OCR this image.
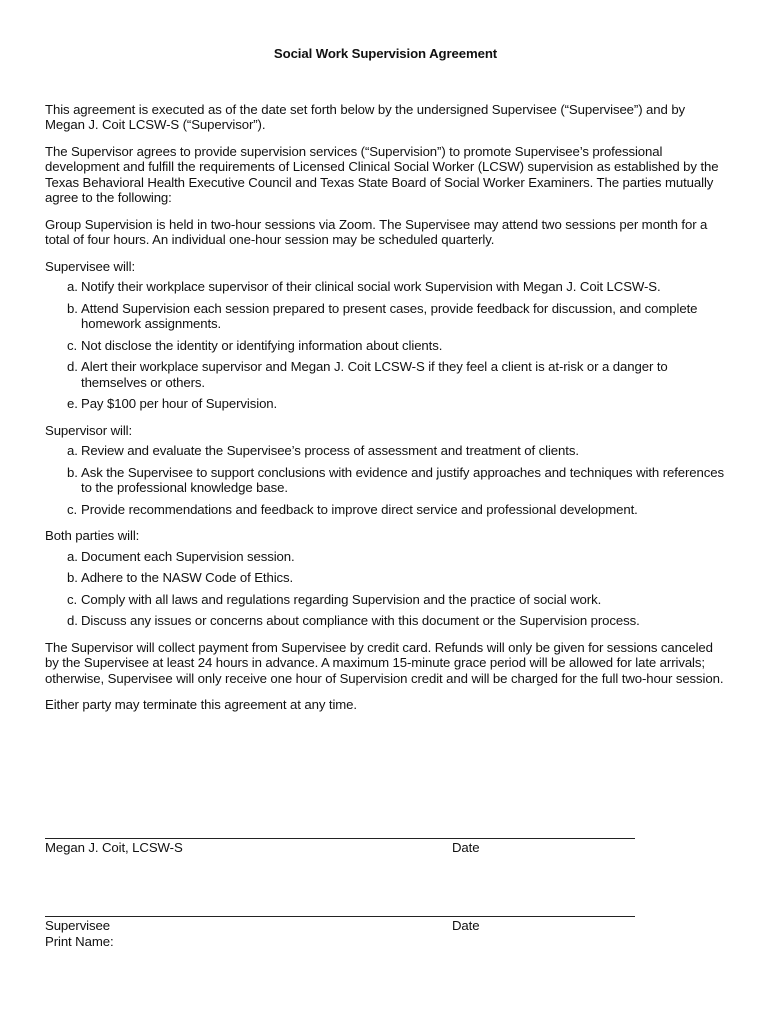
Social Work Supervision Agreement

This agreement is executed as of the date set forth below by the undersigned Supervisee (“Supervisee”) and by Megan J. Coit LCSW-S (“Supervisor”).

The Supervisor agrees to provide supervision services (“Supervision”) to promote Supervisee’s professional development and fulfill the requirements of Licensed Clinical Social Worker (LCSW) supervision as established by the Texas Behavioral Health Executive Council and Texas State Board of Social Worker Examiners. The parties mutually agree to the following:

Group Supervision is held in two-hour sessions via Zoom. The Supervisee may attend two sessions per month for a total of four hours. An individual one-hour session may be scheduled quarterly.

Supervisee will:
a. Notify their workplace supervisor of their clinical social work Supervision with Megan J. Coit LCSW-S.
b. Attend Supervision each session prepared to present cases, provide feedback for discussion, and complete homework assignments.
c. Not disclose the identity or identifying information about clients.
d. Alert their workplace supervisor and Megan J. Coit LCSW-S if they feel a client is at-risk or a danger to themselves or others.
e. Pay $100 per hour of Supervision.
Supervisor will:
a. Review and evaluate the Supervisee’s process of assessment and treatment of clients.
b. Ask the Supervisee to support conclusions with evidence and justify approaches and techniques with references to the professional knowledge base.
c. Provide recommendations and feedback to improve direct service and professional development.
Both parties will:
a. Document each Supervision session.
b. Adhere to the NASW Code of Ethics.
c. Comply with all laws and regulations regarding Supervision and the practice of social work.
d. Discuss any issues or concerns about compliance with this document or the Supervision process.

The Supervisor will collect payment from Supervisee by credit card. Refunds will only be given for sessions canceled by the Supervisee at least 24 hours in advance. A maximum 15-minute grace period will be allowed for late arrivals; otherwise, Supervisee will only receive one hour of Supervision credit and will be charged for the full two-hour session.

Either party may terminate this agreement at any time.

Megan J. Coit, LCSW-S	Date
Supervisee	Date
Print Name:
